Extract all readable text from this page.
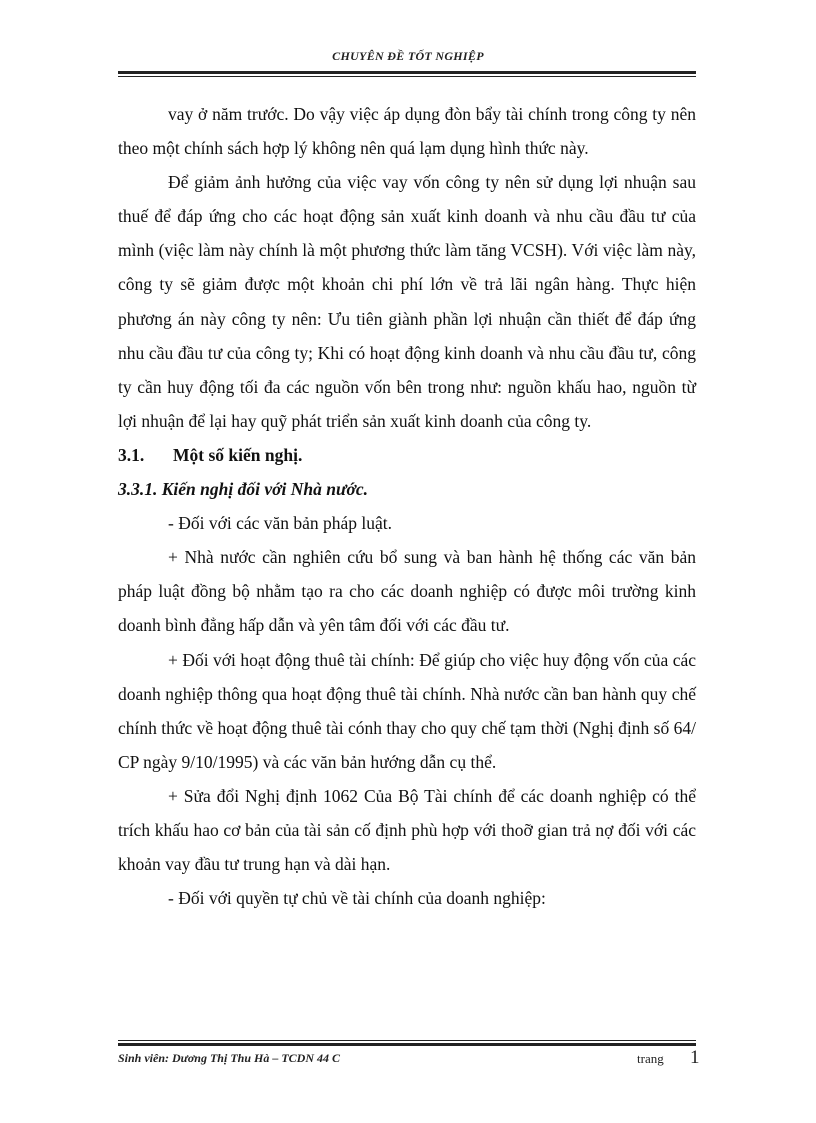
CHUYÊN ĐỀ TỐT NGHIỆP

vay ở năm trước. Do vậy việc áp dụng đòn bẩy tài chính trong công ty nên theo một chính sách hợp lý không nên quá lạm dụng hình thức này.

Để giảm ảnh hưởng của việc vay vốn công ty nên sử dụng lợi nhuận sau thuế để đáp ứng cho các hoạt động sản xuất kinh doanh và nhu cầu đầu tư của mình (việc làm này chính là một phương thức làm tăng VCSH). Với việc làm này, công ty sẽ giảm được một khoản chi phí lớn về trả lãi ngân hàng. Thực hiện phương án này công ty nên: Ưu tiên giành phần lợi nhuận cần thiết để đáp ứng nhu cầu đầu tư của công ty; Khi có hoạt động kinh doanh và nhu cầu đầu tư, công ty cần huy động tối đa các nguồn vốn bên trong như: nguồn khấu hao, nguồn từ lợi nhuận để lại hay quỹ phát triển sản xuất kinh doanh của công ty.

3.1. Một số kiến nghị.

3.3.1. Kiến nghị đối với Nhà nước.

- Đối với các văn bản pháp luật.

+ Nhà nước cần nghiên cứu bổ sung và ban hành hệ thống các văn bản pháp luật đồng bộ nhằm tạo ra cho các doanh nghiệp có được môi trường kinh doanh bình đẳng hấp dẫn và yên tâm đối với các đầu tư.

+ Đối với hoạt động thuê tài chính: Để giúp cho việc huy động vốn của các doanh nghiệp thông qua hoạt động thuê tài chính. Nhà nước cần ban hành quy chế chính thức về hoạt động thuê tài cónh thay cho quy chế tạm thời (Nghị định số 64/ CP ngày 9/10/1995) và các văn bản hướng dẫn cụ thể.

+ Sửa đổi Nghị định 1062 Của Bộ Tài chính để các doanh nghiệp có thể trích khấu hao cơ bản của tài sản cố định phù hợp với thoỡ gian trả nợ đối với các khoản vay đầu tư trung hạn và dài hạn.

- Đối với quyền tự chủ về tài chính của doanh nghiệp:

Sinh viên: Dương Thị Thu Hà – TCDN 44 C	trang 1
